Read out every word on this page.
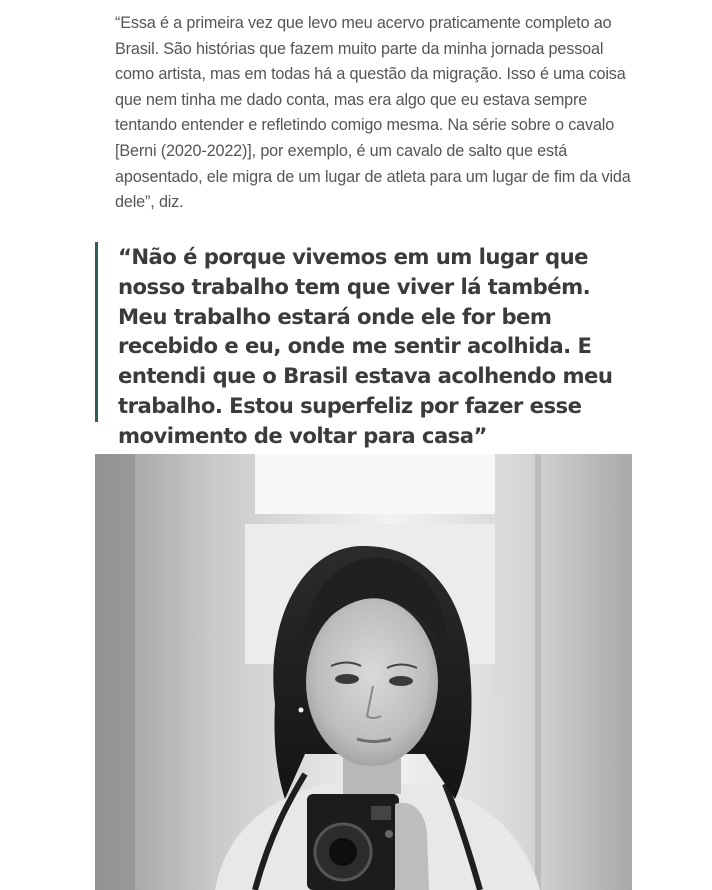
“Essa é a primeira vez que levo meu acervo praticamente completo ao Brasil. São histórias que fazem muito parte da minha jornada pessoal como artista, mas em todas há a questão da migração. Isso é uma coisa que nem tinha me dado conta, mas era algo que eu estava sempre tentando entender e refletindo comigo mesma. Na série sobre o cavalo [Berni (2020-2022)], por exemplo, é um cavalo de salto que está aposentado, ele migra de um lugar de atleta para um lugar de fim da vida dele”, diz.

“Não é porque vivemos em um lugar que nosso trabalho tem que viver lá também. Meu trabalho estará onde ele for bem recebido e eu, onde me sentir acolhida. E entendi que o Brasil estava acolhendo meu trabalho. Estou superfeliz por fazer esse movimento de voltar para casa”
